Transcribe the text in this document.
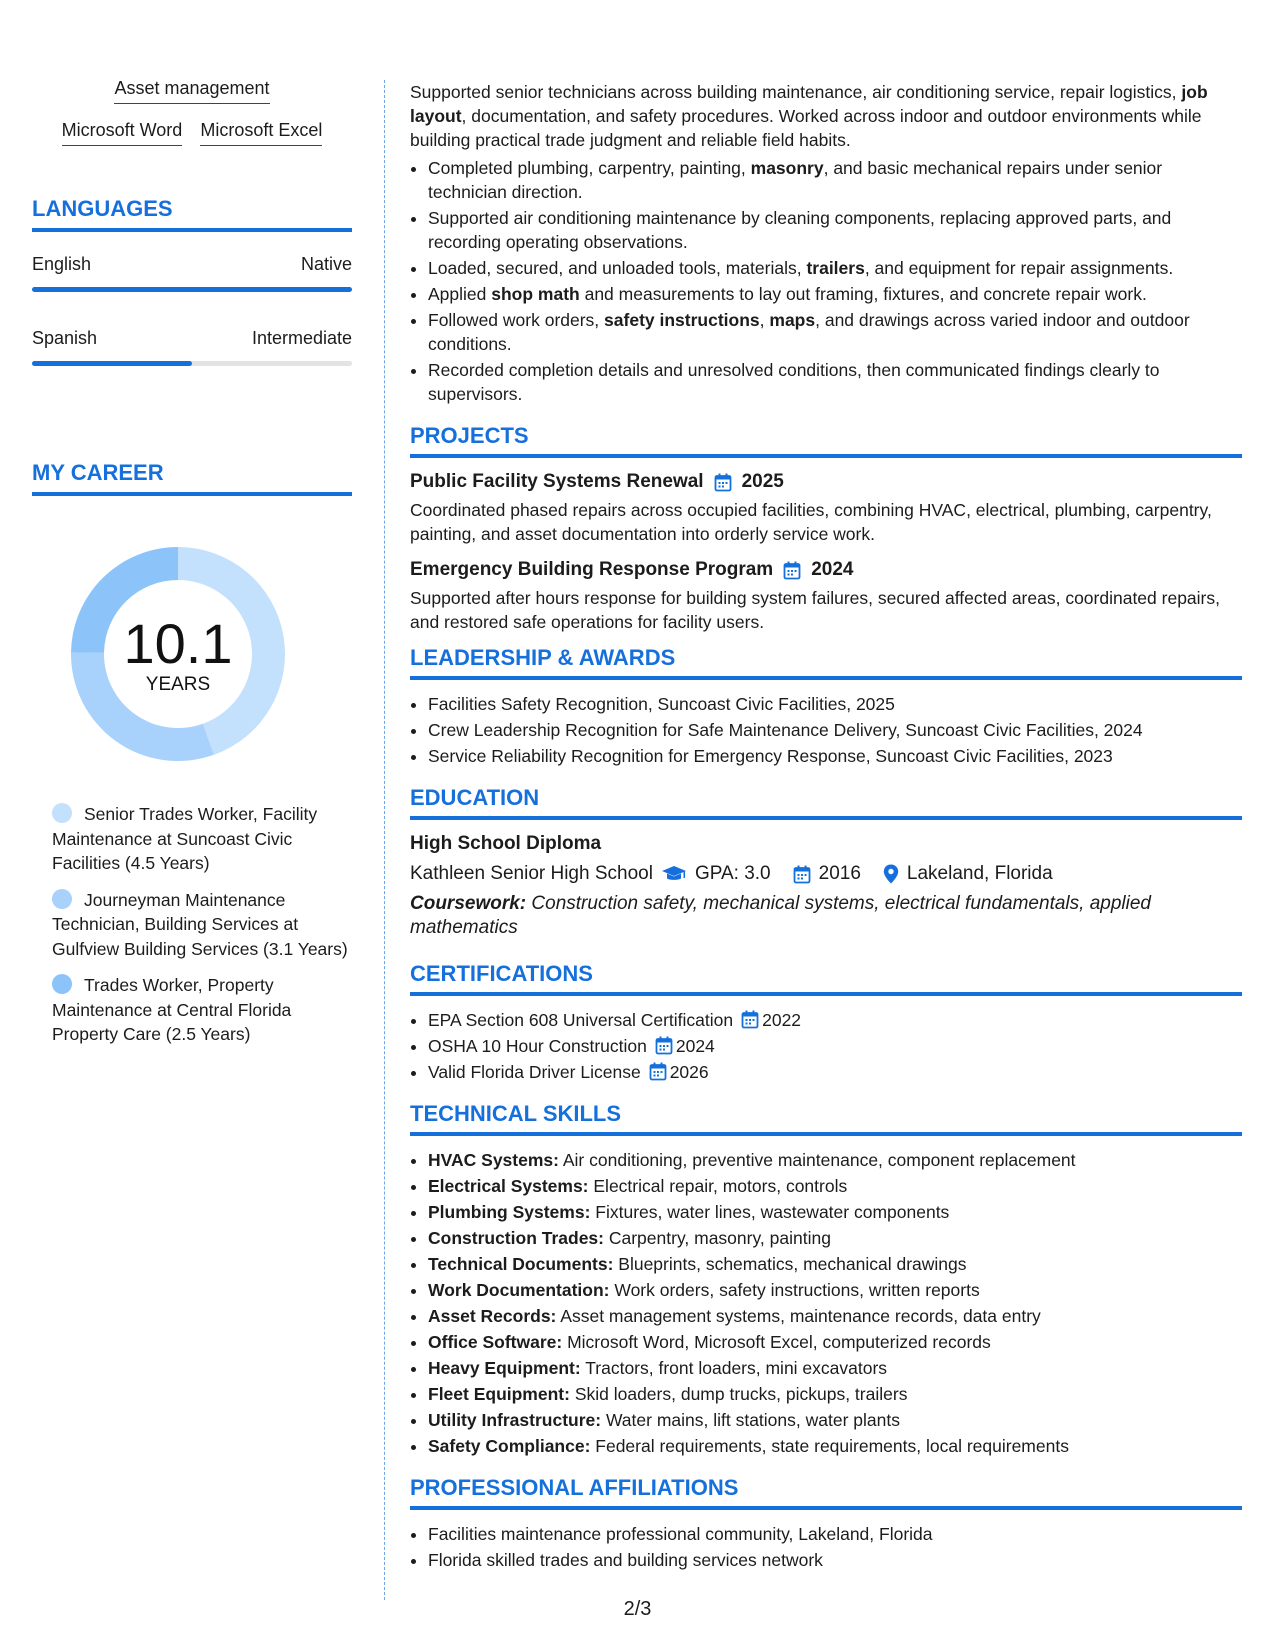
Asset management
Microsoft Word Microsoft Excel
LANGUAGES
English	Native
Spanish	Intermediate
MY CAREER
10.1
YEARS
Senior Trades Worker, Facility Maintenance at Suncoast Civic Facilities (4.5 Years)
Journeyman Maintenance Technician, Building Services at Gulfview Building Services (3.1 Years)
Trades Worker, Property Maintenance at Central Florida Property Care (2.5 Years)

Supported senior technicians across building maintenance, air conditioning service, repair logistics, job layout, documentation, and safety procedures. Worked across indoor and outdoor environments while building practical trade judgment and reliable field habits.

• Completed plumbing, carpentry, painting, masonry, and basic mechanical repairs under senior technician direction.
• Supported air conditioning maintenance by cleaning components, replacing approved parts, and recording operating observations.
• Loaded, secured, and unloaded tools, materials, trailers, and equipment for repair assignments.
• Applied shop math and measurements to lay out framing, fixtures, and concrete repair work.
• Followed work orders, safety instructions, maps, and drawings across varied indoor and outdoor conditions.
• Recorded completion details and unresolved conditions, then communicated findings clearly to supervisors.
PROJECTS
Public Facility Systems Renewal 2025

Coordinated phased repairs across occupied facilities, combining HVAC, electrical, plumbing, carpentry, painting, and asset documentation into orderly service work.

Emergency Building Response Program 2024

Supported after hours response for building system failures, secured affected areas, coordinated repairs, and restored safe operations for facility users.

LEADERSHIP & AWARDS
• Facilities Safety Recognition, Suncoast Civic Facilities, 2025
• Crew Leadership Recognition for Safe Maintenance Delivery, Suncoast Civic Facilities, 2024
• Service Reliability Recognition for Emergency Response, Suncoast Civic Facilities, 2023
EDUCATION
High School Diploma
Kathleen Senior High School GPA: 3.0	2016 Lakeland, Florida
Coursework: Construction safety, mechanical systems, electrical fundamentals, applied mathematics
CERTIFICATIONS
• EPA Section 608 Universal Certification 2022
• OSHA 10 Hour Construction 2024
• Valid Florida Driver License 2026
TECHNICAL SKILLS
• HVAC Systems: Air conditioning, preventive maintenance, component replacement
• Electrical Systems: Electrical repair, motors, controls
• Plumbing Systems: Fixtures, water lines, wastewater components
• Construction Trades: Carpentry, masonry, painting
• Technical Documents: Blueprints, schematics, mechanical drawings
• Work Documentation: Work orders, safety instructions, written reports
• Asset Records: Asset management systems, maintenance records, data entry
• Office Software: Microsoft Word, Microsoft Excel, computerized records
• Heavy Equipment: Tractors, front loaders, mini excavators
• Fleet Equipment: Skid loaders, dump trucks, pickups, trailers
• Utility Infrastructure: Water mains, lift stations, water plants
• Safety Compliance: Federal requirements, state requirements, local requirements
PROFESSIONAL AFFILIATIONS
• Facilities maintenance professional community, Lakeland, Florida
• Florida skilled trades and building services network
2/3
